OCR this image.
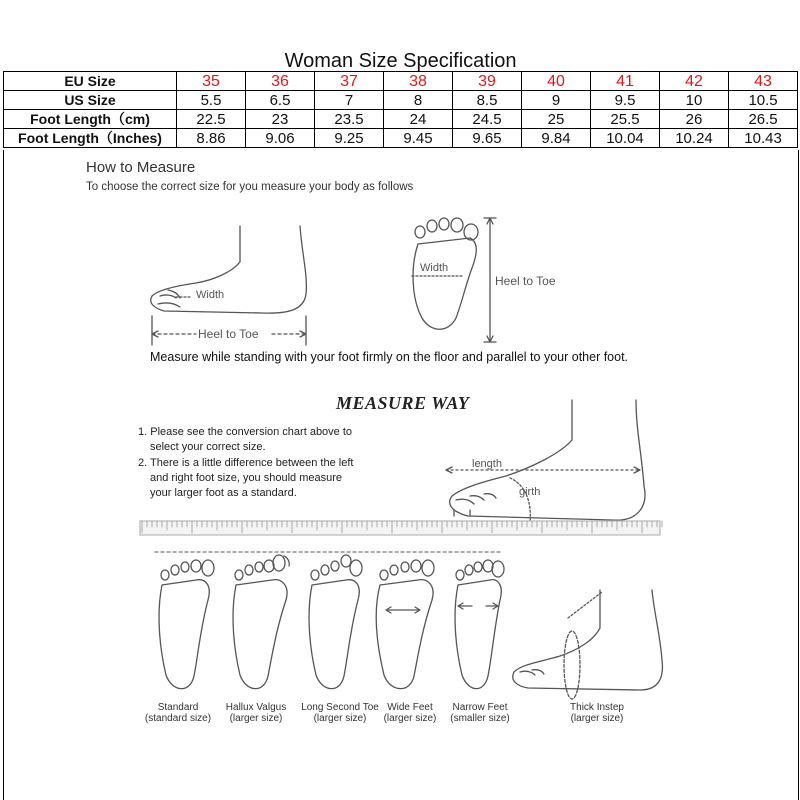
Woman Size Specification									
EU Size	35	36	37	38	39	40	41	42	43
US Size	5.5	6.5	7	8	8.5	9	9.5	10	10.5
Foot Length（cm)	22.5	23	23.5	24	24.5	25	25.5	26	26.5
Foot Length（Inches)	8.86	9.06	9.25	9.45	9.65	9.84	10.04	10.24	10.43
How to Measure
To choose the correct size for you measure your body as follows
Width
Heel to Toe
Width
Heel to Toe
Measure while standing with your foot firmly on the floor and parallel to your other foot.
MEASURE WAY
1. Please see the conversion chart above to
select your correct size.
2. There is a little difference between the left
and right foot size, you should measure
your larger foot as a standard.
length
girth
Standard
(standard size)
Hallux Valgus
(larger size)
Long Second Toe
(larger size)
Wide Feet
(larger size)
Narrow Feet
(smaller size)
Thick Instep
(larger size)
